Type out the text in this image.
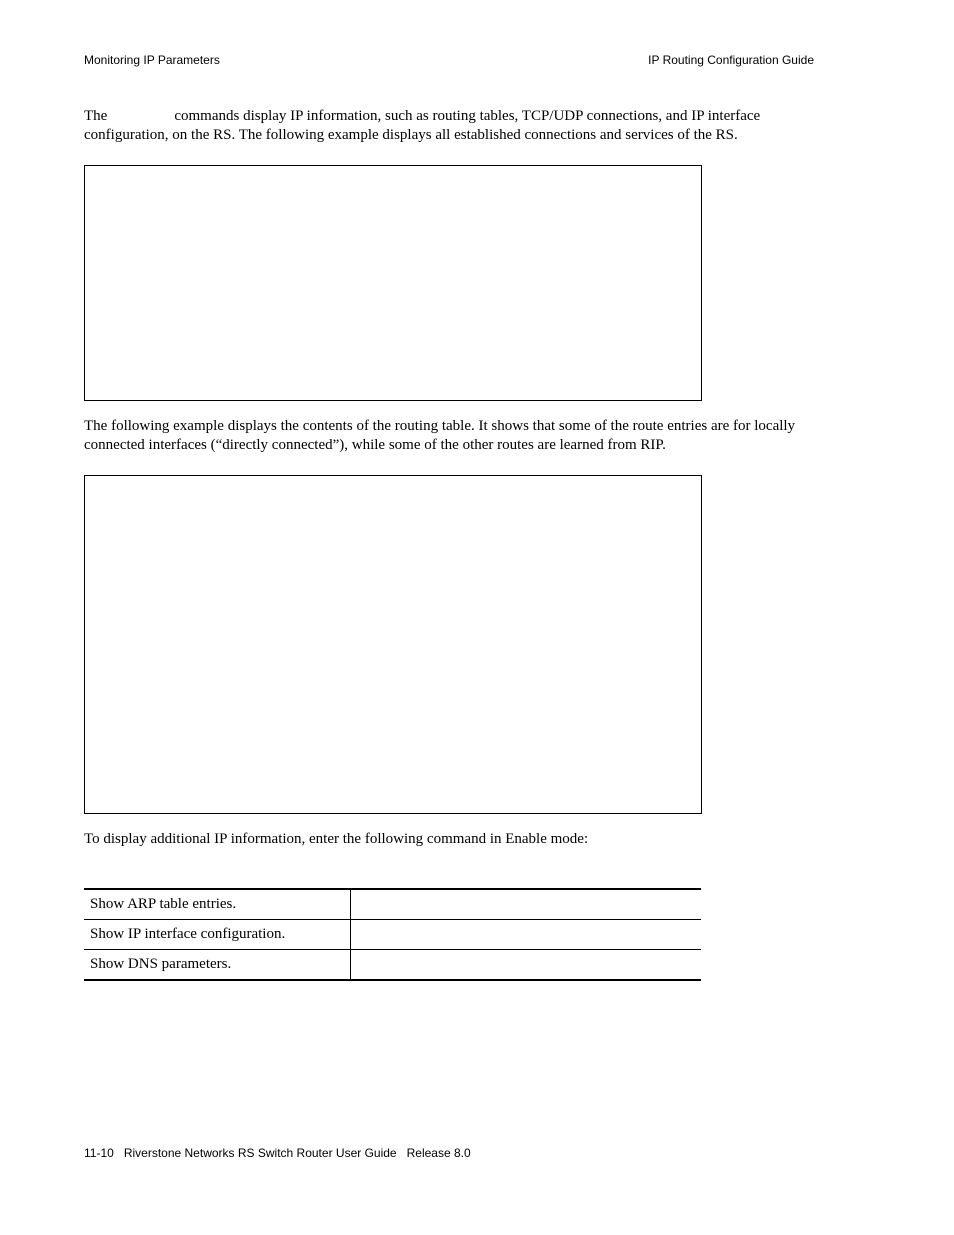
Monitoring IP Parameters	IP Routing Configuration Guide

The	commands display IP information, such as routing tables, TCP/UDP connections, and IP interface

configuration, on the RS. The following example displays all established connections and services of the RS.

The following example displays the contents of the routing table. It shows that some of the route entries are for locally

connected interfaces (“directly connected”), while some of the other routes are learned from RIP.

To display additional IP information, enter the following command in Enable mode:

Show ARP table entries.	
Show IP interface configuration.	
Show DNS parameters.	
11-10 Riverstone Networks RS Switch Router User Guide Release 8.0
